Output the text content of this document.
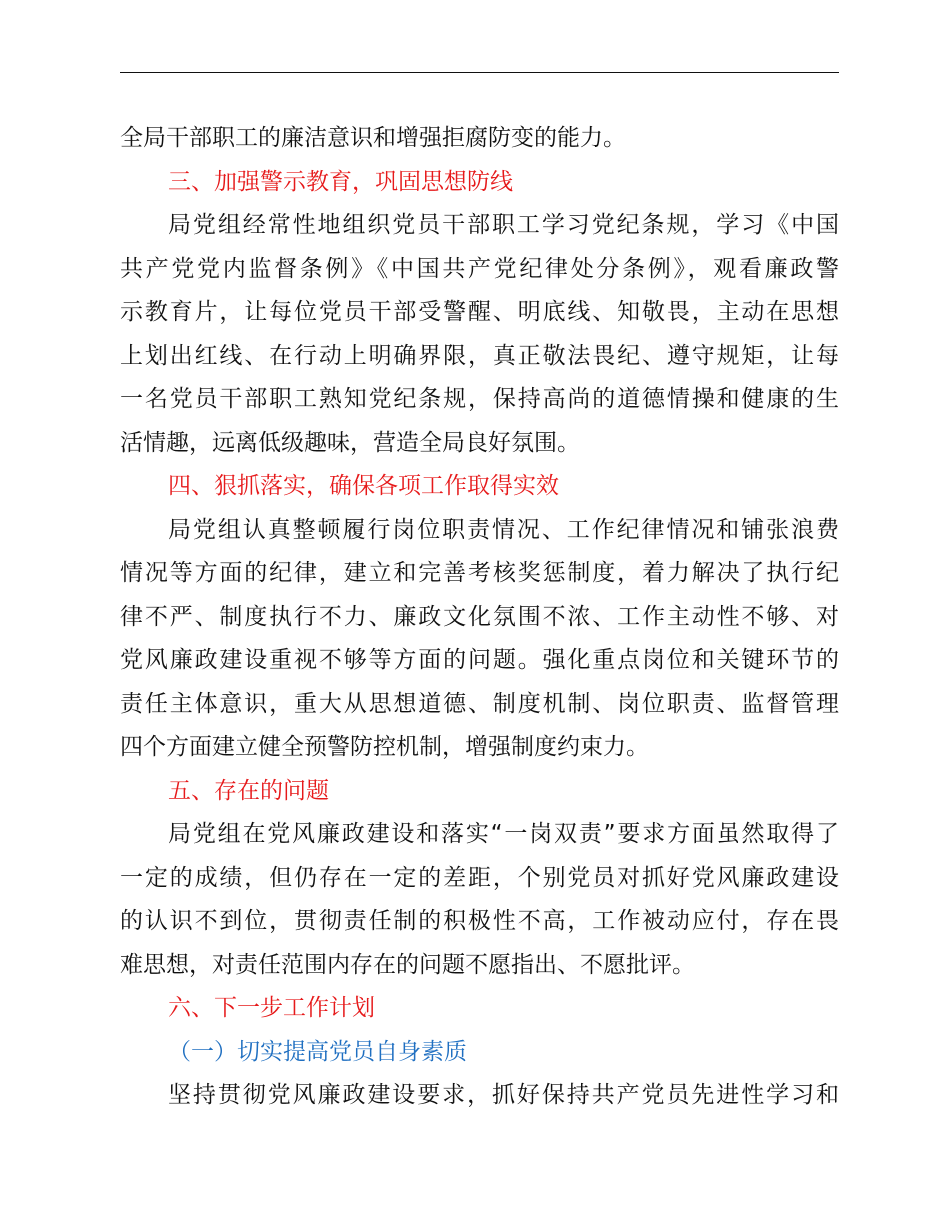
全局干部职工的廉洁意识和增强拒腐防变的能力。
三、加强警示教育，巩固思想防线
局党组经常性地组织党员干部职工学习党纪条规，学习《中国
共产党党内监督条例》《中国共产党纪律处分条例》，观看廉政警
示教育片，让每位党员干部受警醒、明底线、知敬畏，主动在思想
上划出红线、在行动上明确界限，真正敬法畏纪、遵守规矩，让每
一名党员干部职工熟知党纪条规，保持高尚的道德情操和健康的生
活情趣，远离低级趣味，营造全局良好氛围。
四、狠抓落实，确保各项工作取得实效
局党组认真整顿履行岗位职责情况、工作纪律情况和铺张浪费
情况等方面的纪律，建立和完善考核奖惩制度，着力解决了执行纪
律不严、制度执行不力、廉政文化氛围不浓、工作主动性不够、对
党风廉政建设重视不够等方面的问题。强化重点岗位和关键环节的
责任主体意识，重大从思想道德、制度机制、岗位职责、监督管理
四个方面建立健全预警防控机制，增强制度约束力。
五、存在的问题
局党组在党风廉政建设和落实“一岗双责”要求方面虽然取得了
一定的成绩，但仍存在一定的差距，个别党员对抓好党风廉政建设
的认识不到位，贯彻责任制的积极性不高，工作被动应付，存在畏
难思想，对责任范围内存在的问题不愿指出、不愿批评。
六、下一步工作计划
（一）切实提高党员自身素质
坚持贯彻党风廉政建设要求，抓好保持共产党员先进性学习和
